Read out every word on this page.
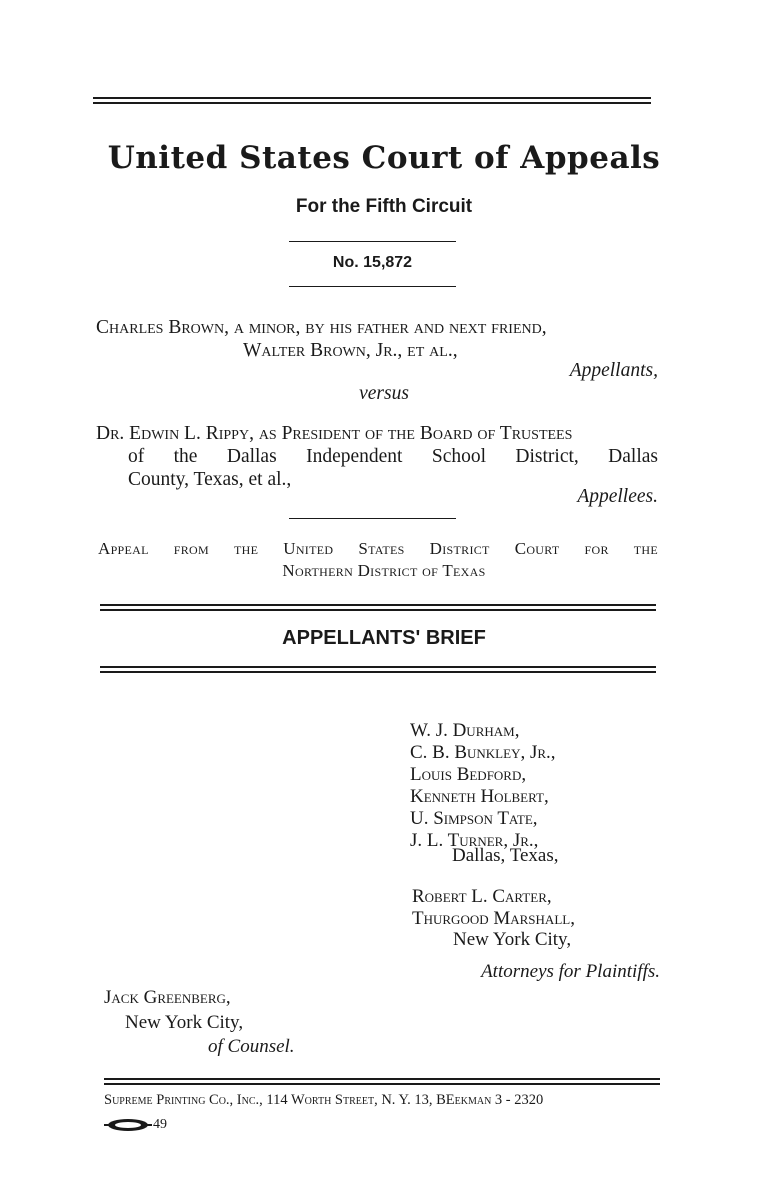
United States Court of Appeals
For the Fifth Circuit
No. 15,872
Charles Brown, a minor, by his father and next friend,
Walter Brown, Jr., et al.,
Appellants,
versus
Dr. Edwin L. Rippy, as President of the Board of Trustees
of the Dallas Independent School District, Dallas
County, Texas, et al.,
Appellees.
Appeal from the United States District Court for the
Northern District of Texas
APPELLANTS' BRIEF
W. J. Durham,
C. B. Bunkley, Jr.,
Louis Bedford,
Kenneth Holbert,
U. Simpson Tate,
J. L. Turner, Jr.,
Dallas, Texas,
Robert L. Carter,
Thurgood Marshall,
New York City,
Attorneys for Plaintiffs.
Jack Greenberg,
New York City,
of Counsel.
Supreme Printing Co., Inc., 114 Worth Street, N. Y. 13, BEekman 3 - 2320
49
